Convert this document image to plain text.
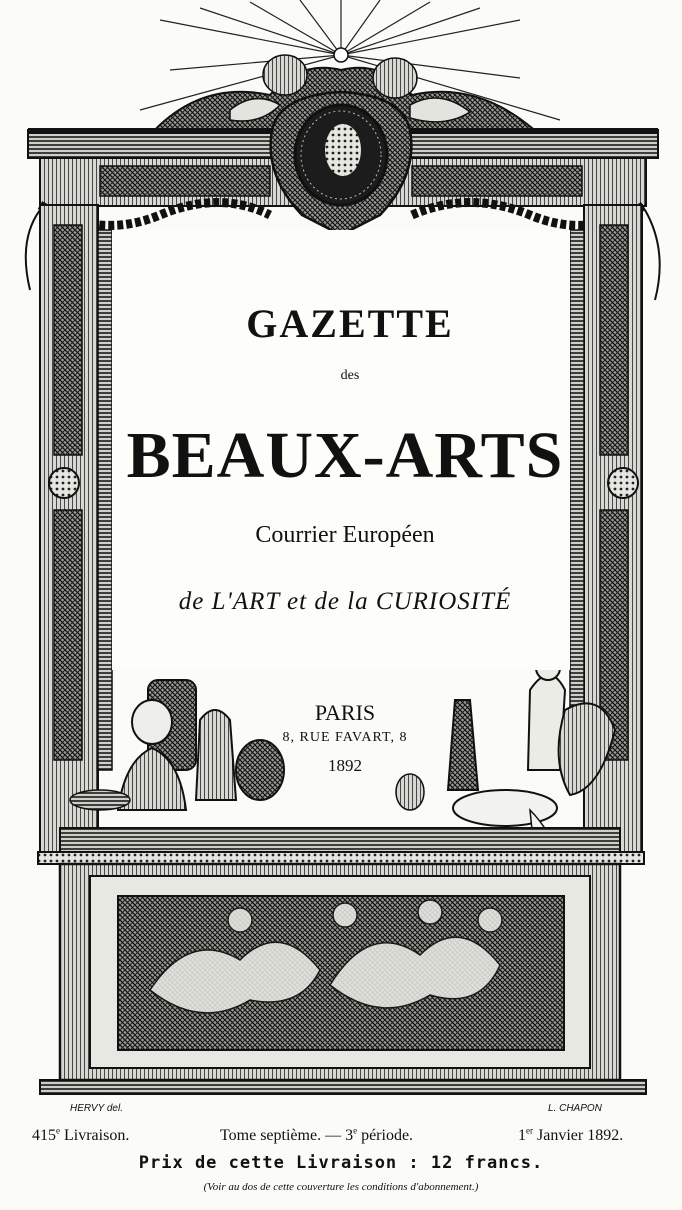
GAZETTE
des
BEAUX-ARTS
Courrier Européen
de L'ART et de la CURIOSITÉ
PARIS
8, RUE FAVART, 8
1892
HERVY del.	L. CHAPON
415e Livraison.	Tome septième. — 3e période.	1er Janvier 1892.
Prix de cette Livraison : 12 francs.
(Voir au dos de cette couverture les conditions d'abonnement.)
